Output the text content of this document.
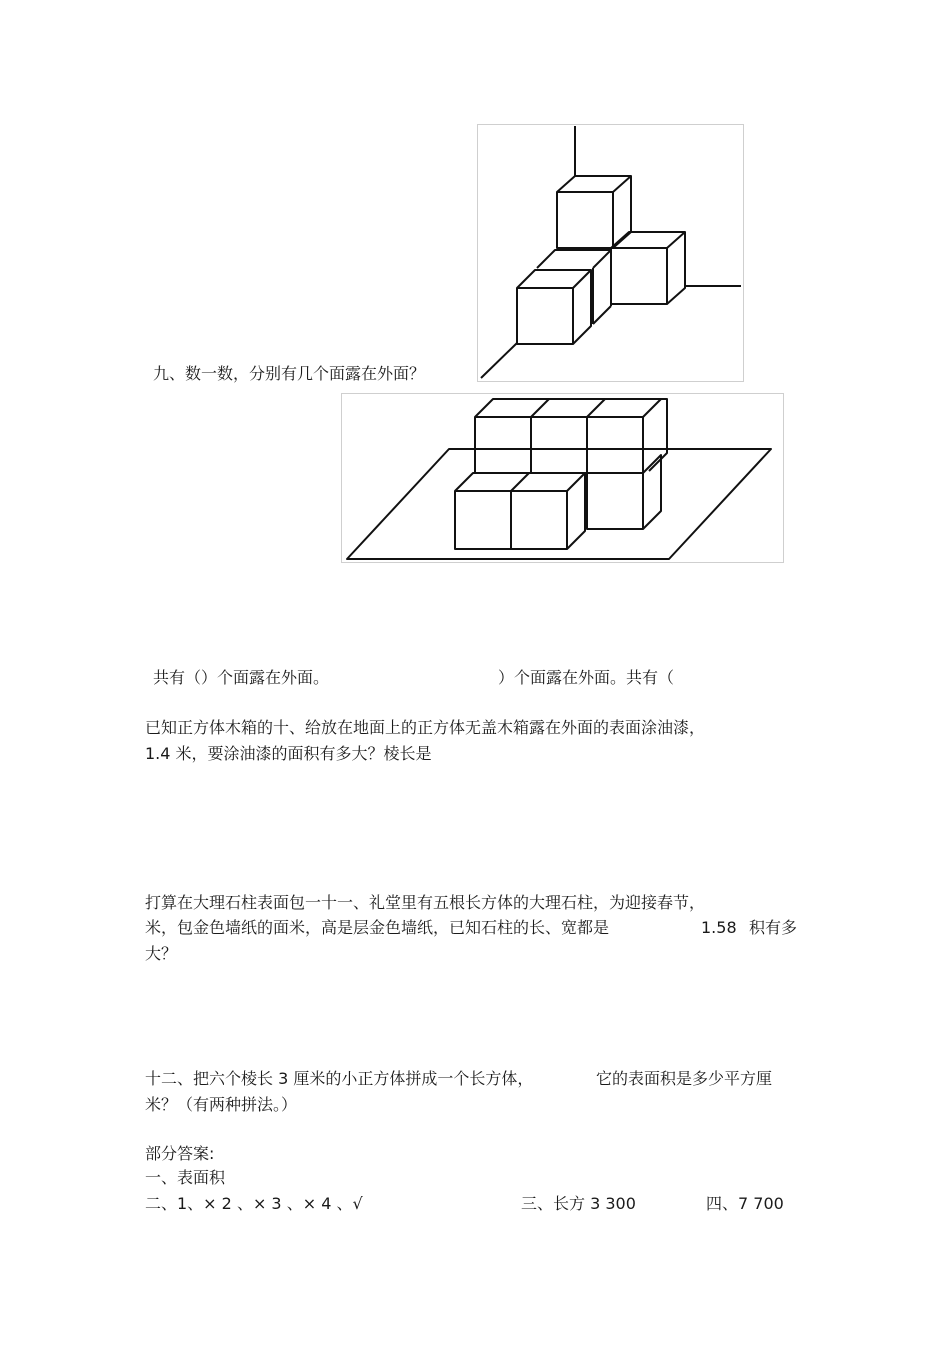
九、数一数，分别有几个面露在外面？
共有（）个面露在外面。	）个面露在外面。共有（
已知正方体木箱的十、给放在地面上的正方体无盖木箱露在外面的表面涂油漆，
1.4 米，要涂油漆的面积有多大？棱长是
打算在大理石柱表面包一十一、礼堂里有五根长方体的大理石柱，为迎接春节，
米，包金色墙纸的面米，高是层金色墙纸，已知石柱的长、宽都是	1.58 积有多
大？
十二、把六个棱长 3 厘米的小正方体拼成一个长方体，	它的表面积是多少平方厘
米？（有两种拼法。）
部分答案:
一、表面积
二、1、× 2 、× 3 、× 4 、√	三、长方 3 300	四、7 700
